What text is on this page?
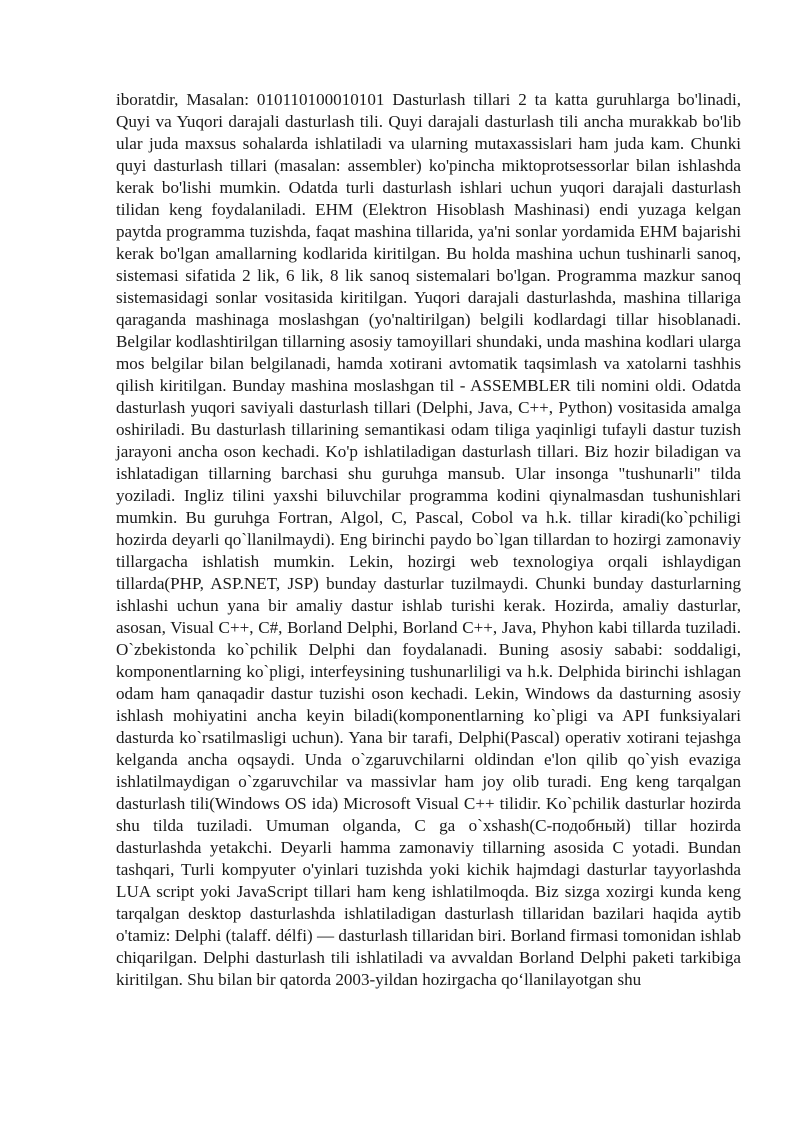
iboratdir, Masalan: 010110100010101 Dasturlash tillari 2 ta katta guruhlarga bo'linadi, Quyi va Yuqori darajali dasturlash tili. Quyi darajali dasturlash tili ancha murakkab bo'lib ular juda maxsus sohalarda ishlatiladi va ularning mutaxassislari ham juda kam. Chunki quyi dasturlash tillari (masalan: assembler) ko'pincha miktoprotsessorlar bilan ishlashda kerak bo'lishi mumkin. Odatda turli dasturlash ishlari uchun yuqori darajali dasturlash tilidan keng foydalaniladi. EHM (Elektron Hisoblash Mashinasi) endi yuzaga kelgan paytda programma tuzishda, faqat mashina tillarida, ya'ni sonlar yordamida EHM bajarishi kerak bo'lgan amallarning kodlarida kiritilgan. Bu holda mashina uchun tushinarli sanoq, sistemasi sifatida 2 lik, 6 lik, 8 lik sanoq sistemalari bo'lgan. Programma mazkur sanoq sistemasidagi sonlar vositasida kiritilgan. Yuqori darajali dasturlashda, mashina tillariga qaraganda mashinaga moslashgan (yo'naltirilgan) belgili kodlardagi tillar hisoblanadi. Belgilar kodlashtirilgan tillarning asosiy tamoyillari shundaki, unda mashina kodlari ularga mos belgilar bilan belgilanadi, hamda xotirani avtomatik taqsimlash va xatolarni tashhis qilish kiritilgan. Bunday mashina moslashgan til - ASSEMBLER tili nomini oldi. Odatda dasturlash yuqori saviyali dasturlash tillari (Delphi, Java, C++, Python) vositasida amalga oshiriladi. Bu dasturlash tillarining semantikasi odam tiliga yaqinligi tufayli dastur tuzish jarayoni ancha oson kechadi. Ko'p ishlatiladigan dasturlash tillari. Biz hozir biladigan va ishlatadigan tillarning barchasi shu guruhga mansub. Ular insonga "tushunarli" tilda yoziladi. Ingliz tilini yaxshi biluvchilar programma kodini qiynalmasdan tushunishlari mumkin. Bu guruhga Fortran, Algol, C, Pascal, Cobol va h.k. tillar kiradi(ko`pchiligi hozirda deyarli qo`llanilmaydi). Eng birinchi paydo bo`lgan tillardan to hozirgi zamonaviy tillargacha ishlatish mumkin. Lekin, hozirgi web texnologiya orqali ishlaydigan tillarda(PHP, ASP.NET, JSP) bunday dasturlar tuzilmaydi. Chunki bunday dasturlarning ishlashi uchun yana bir amaliy dastur ishlab turishi kerak. Hozirda, amaliy dasturlar, asosan, Visual C++, C#, Borland Delphi, Borland C++, Java, Phyhon kabi tillarda tuziladi. O`zbekistonda ko`pchilik Delphi dan foydalanadi. Buning asosiy sababi: soddaligi, komponentlarning ko`pligi, interfeysining tushunarliligi va h.k. Delphida birinchi ishlagan odam ham qanaqadir dastur tuzishi oson kechadi. Lekin, Windows da dasturning asosiy ishlash mohiyatini ancha keyin biladi(komponentlarning ko`pligi va API funksiyalari dasturda ko`rsatilmasligi uchun). Yana bir tarafi, Delphi(Pascal) operativ xotirani tejashga kelganda ancha oqsaydi. Unda o`zgaruvchilarni oldindan e'lon qilib qo`yish evaziga ishlatilmaydigan o`zgaruvchilar va massivlar ham joy olib turadi. Eng keng tarqalgan dasturlash tili(Windows OS ida) Microsoft Visual C++ tilidir. Ko`pchilik dasturlar hozirda shu tilda tuziladi. Umuman olganda, C ga o`xshash(C-подобный) tillar hozirda dasturlashda yetakchi. Deyarli hamma zamonaviy tillarning asosida C yotadi. Bundan tashqari, Turli kompyuter o'yinlari tuzishda yoki kichik hajmdagi dasturlar tayyorlashda LUA script yoki JavaScript tillari ham keng ishlatilmoqda. Biz sizga xozirgi kunda keng tarqalgan desktop dasturlashda ishlatiladigan dasturlash tillaridan bazilari haqida aytib o'tamiz: Delphi (talaff. délfi) — dasturlash tillaridan biri. Borland firmasi tomonidan ishlab chiqarilgan. Delphi dasturlash tili ishlatiladi va avvaldan Borland Delphi paketi tarkibiga kiritilgan. Shu bilan bir qatorda 2003-yildan hozirgacha qo‘llanilayotgan shu
